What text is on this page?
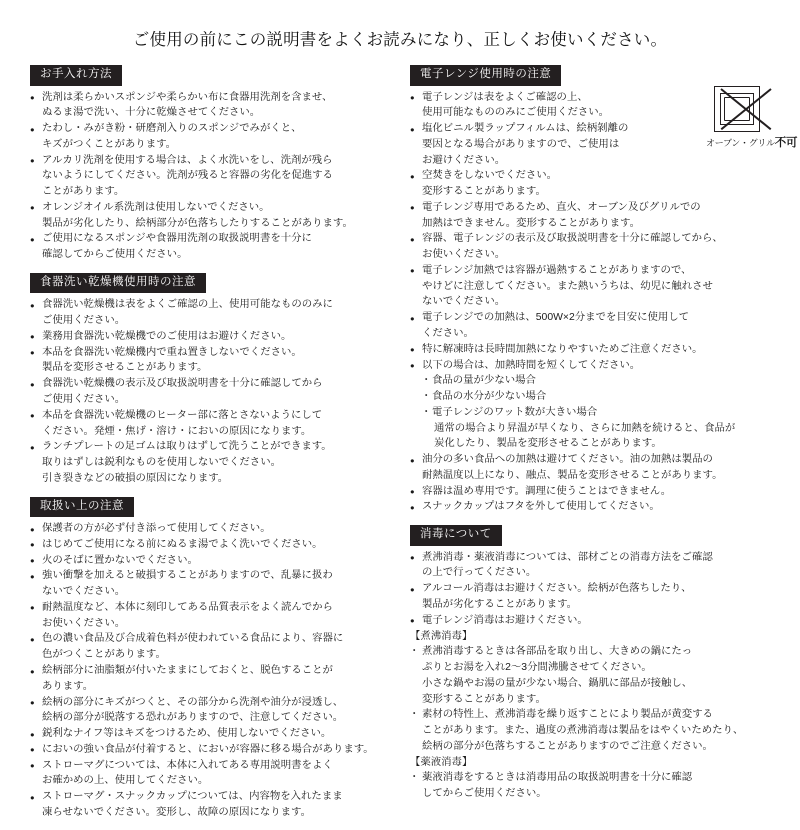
ご使用の前にこの説明書をよくお読みになり、正しくお使いください。
お手入れ方法
● 洗剤は柔らかいスポンジや柔らかい布に食器用洗剤を含ませ、
ぬるま湯で洗い、十分に乾燥させてください。
● たわし・みがき粉・研磨剤入りのスポンジでみがくと、
キズがつくことがあります。
● アルカリ洗剤を使用する場合は、よく水洗いをし、洗剤が残ら
ないようにしてください。洗剤が残ると容器の劣化を促進する
ことがあります。
● オレンジオイル系洗剤は使用しないでください。
製品が劣化したり、絵柄部分が色落ちしたりすることがあります。
● ご使用になるスポンジや食器用洗剤の取扱説明書を十分に
確認してからご使用ください。
食器洗い乾燥機使用時の注意
● 食器洗い乾燥機は表をよくご確認の上、使用可能なもののみに
ご使用ください。
● 業務用食器洗い乾燥機でのご使用はお避けください。
● 本品を食器洗い乾燥機内で重ね置きしないでください。
製品を変形させることがあります。
● 食器洗い乾燥機の表示及び取扱説明書を十分に確認してから
ご使用ください。
● 本品を食器洗い乾燥機のヒーター部に落とさないようにして
ください。発煙・焦げ・溶け・においの原因になります。
● ランチプレートの足ゴムは取りはずして洗うことができます。
取りはずしは鋭利なものを使用しないでください。
引き裂きなどの破損の原因になります。
取扱い上の注意
● 保護者の方が必ず付き添って使用してください。
● はじめてご使用になる前にぬるま湯でよく洗いでください。
● 火のそばに置かないでください。
● 強い衝撃を加えると破損することがありますので、乱暴に扱わ
ないでください。
● 耐熱温度など、本体に刻印してある品質表示をよく読んでから
お使いください。
● 色の濃い食品及び合成着色料が使われている食品により、容器に
色がつくことがあります。
● 絵柄部分に油脂類が付いたままにしておくと、脱色することが
あります。
● 絵柄の部分にキズがつくと、その部分から洗剤や油分が浸透し、
絵柄の部分が脱落する恐れがありますので、注意してください。
● 鋭利なナイフ等はキズをつけるため、使用しないでください。
● においの強い食品が付着すると、においが容器に移る場合があります。
● ストローマグについては、本体に入れてある専用説明書をよく
お確かめの上、使用してください。
● ストローマグ・スナックカップについては、内容物を入れたまま
凍らせないでください。変形し、故障の原因になります。
電子レンジ使用時の注意
オーブン・グリル不可
● 電子レンジは表をよくご確認の上、
使用可能なもののみにご使用ください。
● 塩化ビニル製ラップフィルムは、絵柄剝離の
要因となる場合がありますので、ご使用は
お避けください。
● 空焚きをしないでください。
変形することがあります。
● 電子レンジ専用であるため、直火、オーブン及びグリルでの
加熱はできません。変形することがあります。
● 容器、電子レンジの表示及び取扱説明書を十分に確認してから、
お使いください。
● 電子レンジ加熱では容器が過熱することがありますので、
やけどに注意してください。また熱いうちは、幼児に触れさせ
ないでください。
● 電子レンジでの加熱は、500W×2分までを目安に使用して
ください。
● 特に解凍時は長時間加熱になりやすいためご注意ください。
● 以下の場合は、加熱時間を短くしてください。
・ 食品の量が少ない場合
・ 食品の水分が少ない場合
・ 電子レンジのワット数が大きい場合
通常の場合より昇温が早くなり、さらに加熱を続けると、食品が
炭化したり、製品を変形させることがあります。
● 油分の多い食品への加熱は避けてください。油の加熱は製品の
耐熱温度以上になり、融点、製品を変形させることがあります。
● 容器は温め専用です。調理に使うことはできません。
● スナックカップはフタを外して使用してください。
消毒について
● 煮沸消毒・薬液消毒については、部材ごとの消毒方法をご確認
の上で行ってください。
● アルコール消毒はお避けください。絵柄が色落ちしたり、
製品が劣化することがあります。
● 電子レンジ消毒はお避けください。
【煮沸消毒】
・ 煮沸消毒するときは各部品を取り出し、大きめの鍋にたっ
ぷりとお湯を入れ2～3分間沸騰させてください。
小さな鍋やお湯の量が少ない場合、鍋肌に部品が接触し、
変形することがあります。
・ 素材の特性上、煮沸消毒を繰り返すことにより製品が黄変する
ことがあります。また、過度の煮沸消毒は製品をはやくいためたり、
絵柄の部分が色落ちすることがありますのでご注意ください。
【薬液消毒】
・ 薬液消毒をするときは消毒用品の取扱説明書を十分に確認
してからご使用ください。
